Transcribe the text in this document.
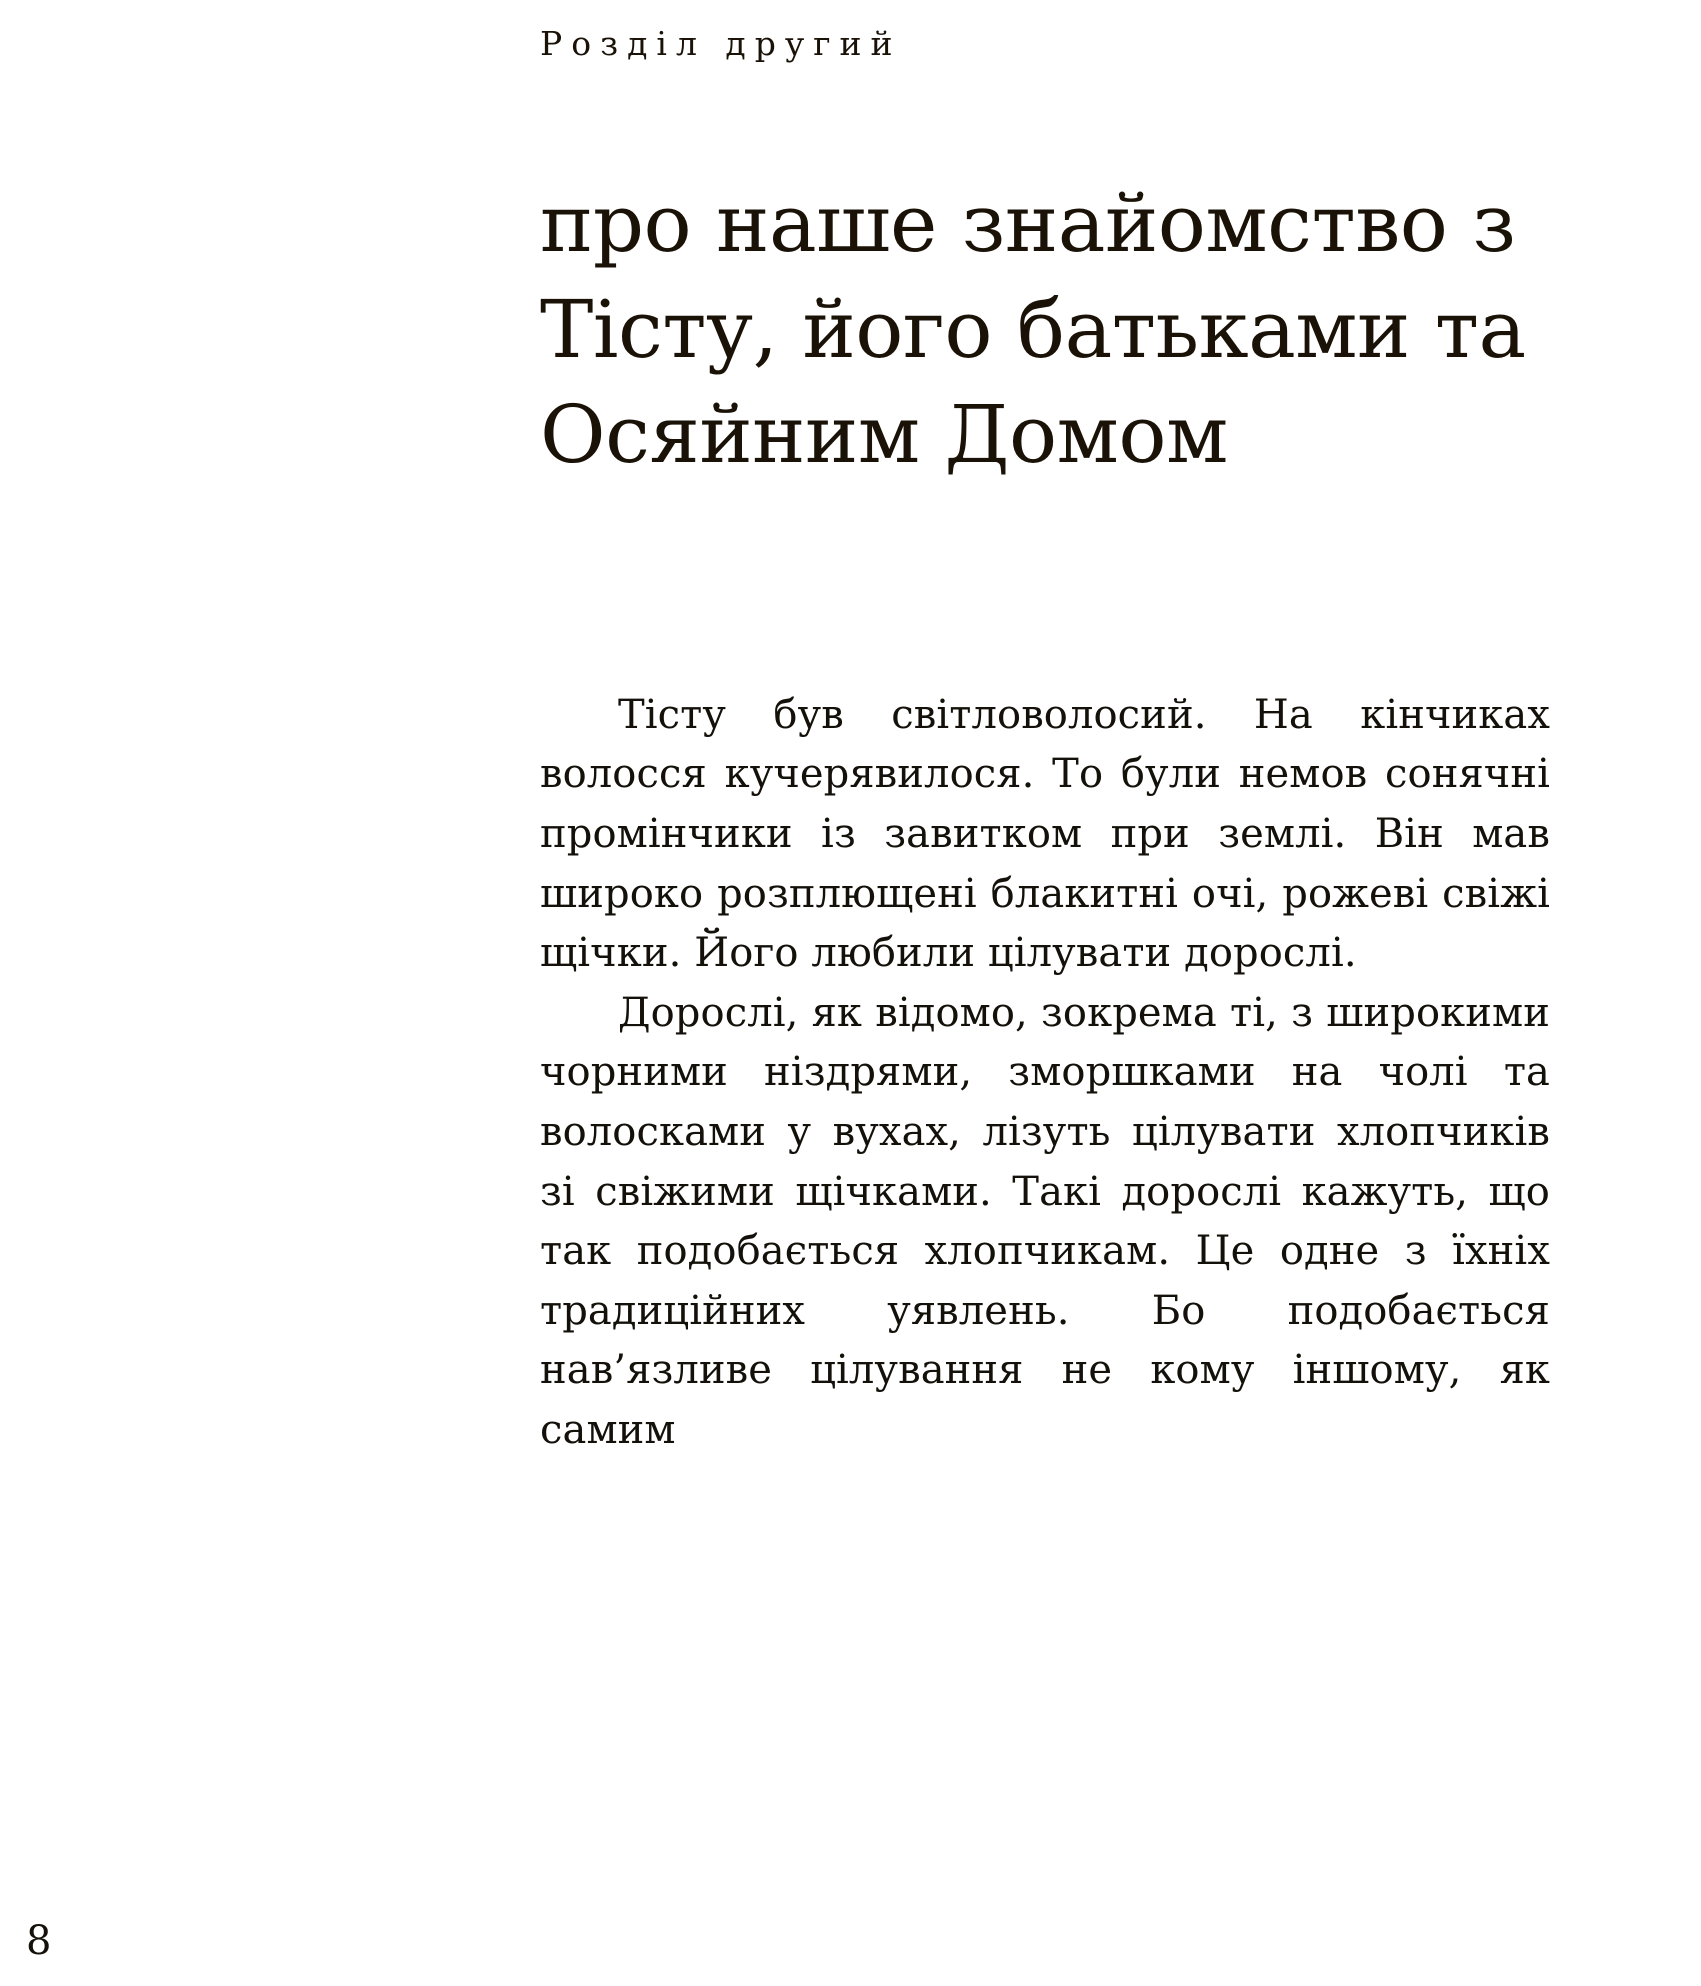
Розділ другий
про наше знайомство з Тісту, його батьками та Осяйним Домом

Тісту був світловолосий. На кінчиках волосся кучерявилося. То були немов сонячні промінчики із завитком при землі. Він мав широко розплющені блакитні очі, рожеві свіжі щічки. Його любили цілувати дорослі.

Дорослі, як відомо, зокрема ті, з широкими чорними ніздрями, зморшками на чолі та волосками у вухах, лізуть цілувати хлопчиків зі свіжими щічками. Такі дорослі кажуть, що так подобається хлопчикам. Це одне з їхніх традиційних уявлень. Бо подобається нав’язливе цілування не кому іншому, як самим

8
